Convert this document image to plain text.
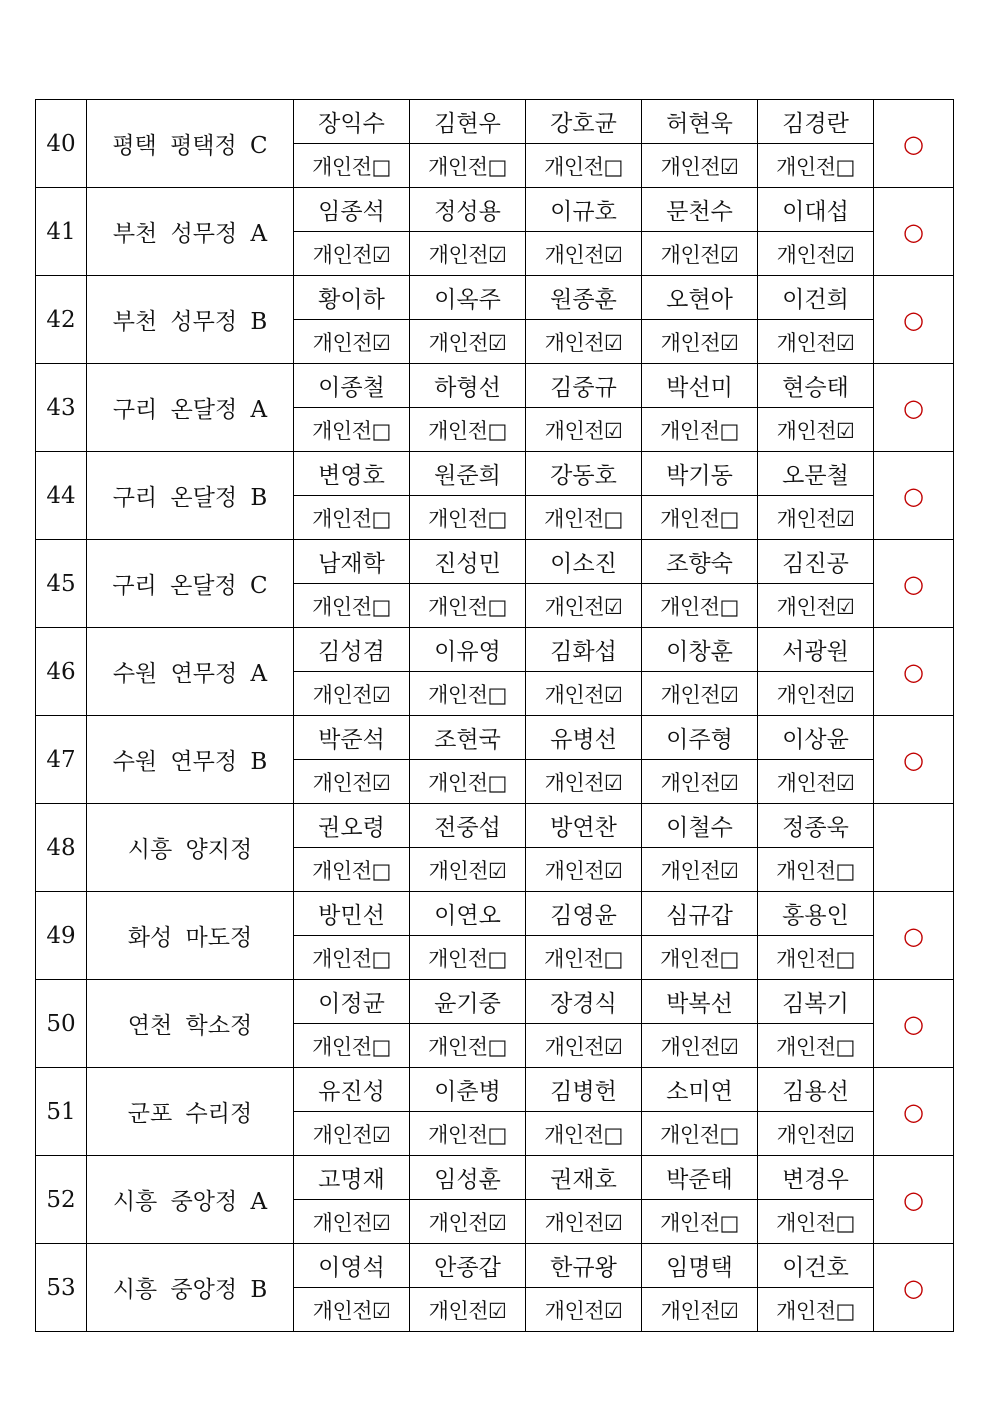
40	평택 평택정 C	장익수	김현우	강호균	허현욱	김경란	○
		개인전□	개인전□	개인전□	개인전☑	개인전□	
41	부천 성무정 A	임종석	정성용	이규호	문천수	이대섭	○
		개인전☑	개인전☑	개인전☑	개인전☑	개인전☑	
42	부천 성무정 B	황이하	이옥주	원종훈	오현아	이건희	○
		개인전☑	개인전☑	개인전☑	개인전☑	개인전☑	
43	구리 온달정 A	이종철	하형선	김중규	박선미	현승태	○
		개인전□	개인전□	개인전☑	개인전□	개인전☑	
44	구리 온달정 B	변영호	원준희	강동호	박기동	오문철	○
		개인전□	개인전□	개인전□	개인전□	개인전☑	
45	구리 온달정 C	남재학	진성민	이소진	조향숙	김진공	○
		개인전□	개인전□	개인전☑	개인전□	개인전☑	
46	수원 연무정 A	김성겸	이유영	김화섭	이창훈	서광원	○
		개인전☑	개인전□	개인전☑	개인전☑	개인전☑	
47	수원 연무정 B	박준석	조현국	유병선	이주형	이상윤	○
		개인전☑	개인전□	개인전☑	개인전☑	개인전☑	
48	시흥 양지정	권오령	전중섭	방연찬	이철수	정종욱	
		개인전□	개인전☑	개인전☑	개인전☑	개인전□	
49	화성 마도정	방민선	이연오	김영윤	심규갑	홍용인	○
		개인전□	개인전□	개인전□	개인전□	개인전□	
50	연천 학소정	이정균	윤기중	장경식	박복선	김복기	○
		개인전□	개인전□	개인전☑	개인전☑	개인전□	
51	군포 수리정	유진성	이춘병	김병헌	소미연	김용선	○
		개인전☑	개인전□	개인전□	개인전□	개인전☑	
52	시흥 중앙정 A	고명재	임성훈	권재호	박준태	변경우	○
		개인전☑	개인전☑	개인전☑	개인전□	개인전□	
53	시흥 중앙정 B	이영석	안종갑	한규왕	임명택	이건호	○
		개인전☑	개인전☑	개인전☑	개인전☑	개인전□	
